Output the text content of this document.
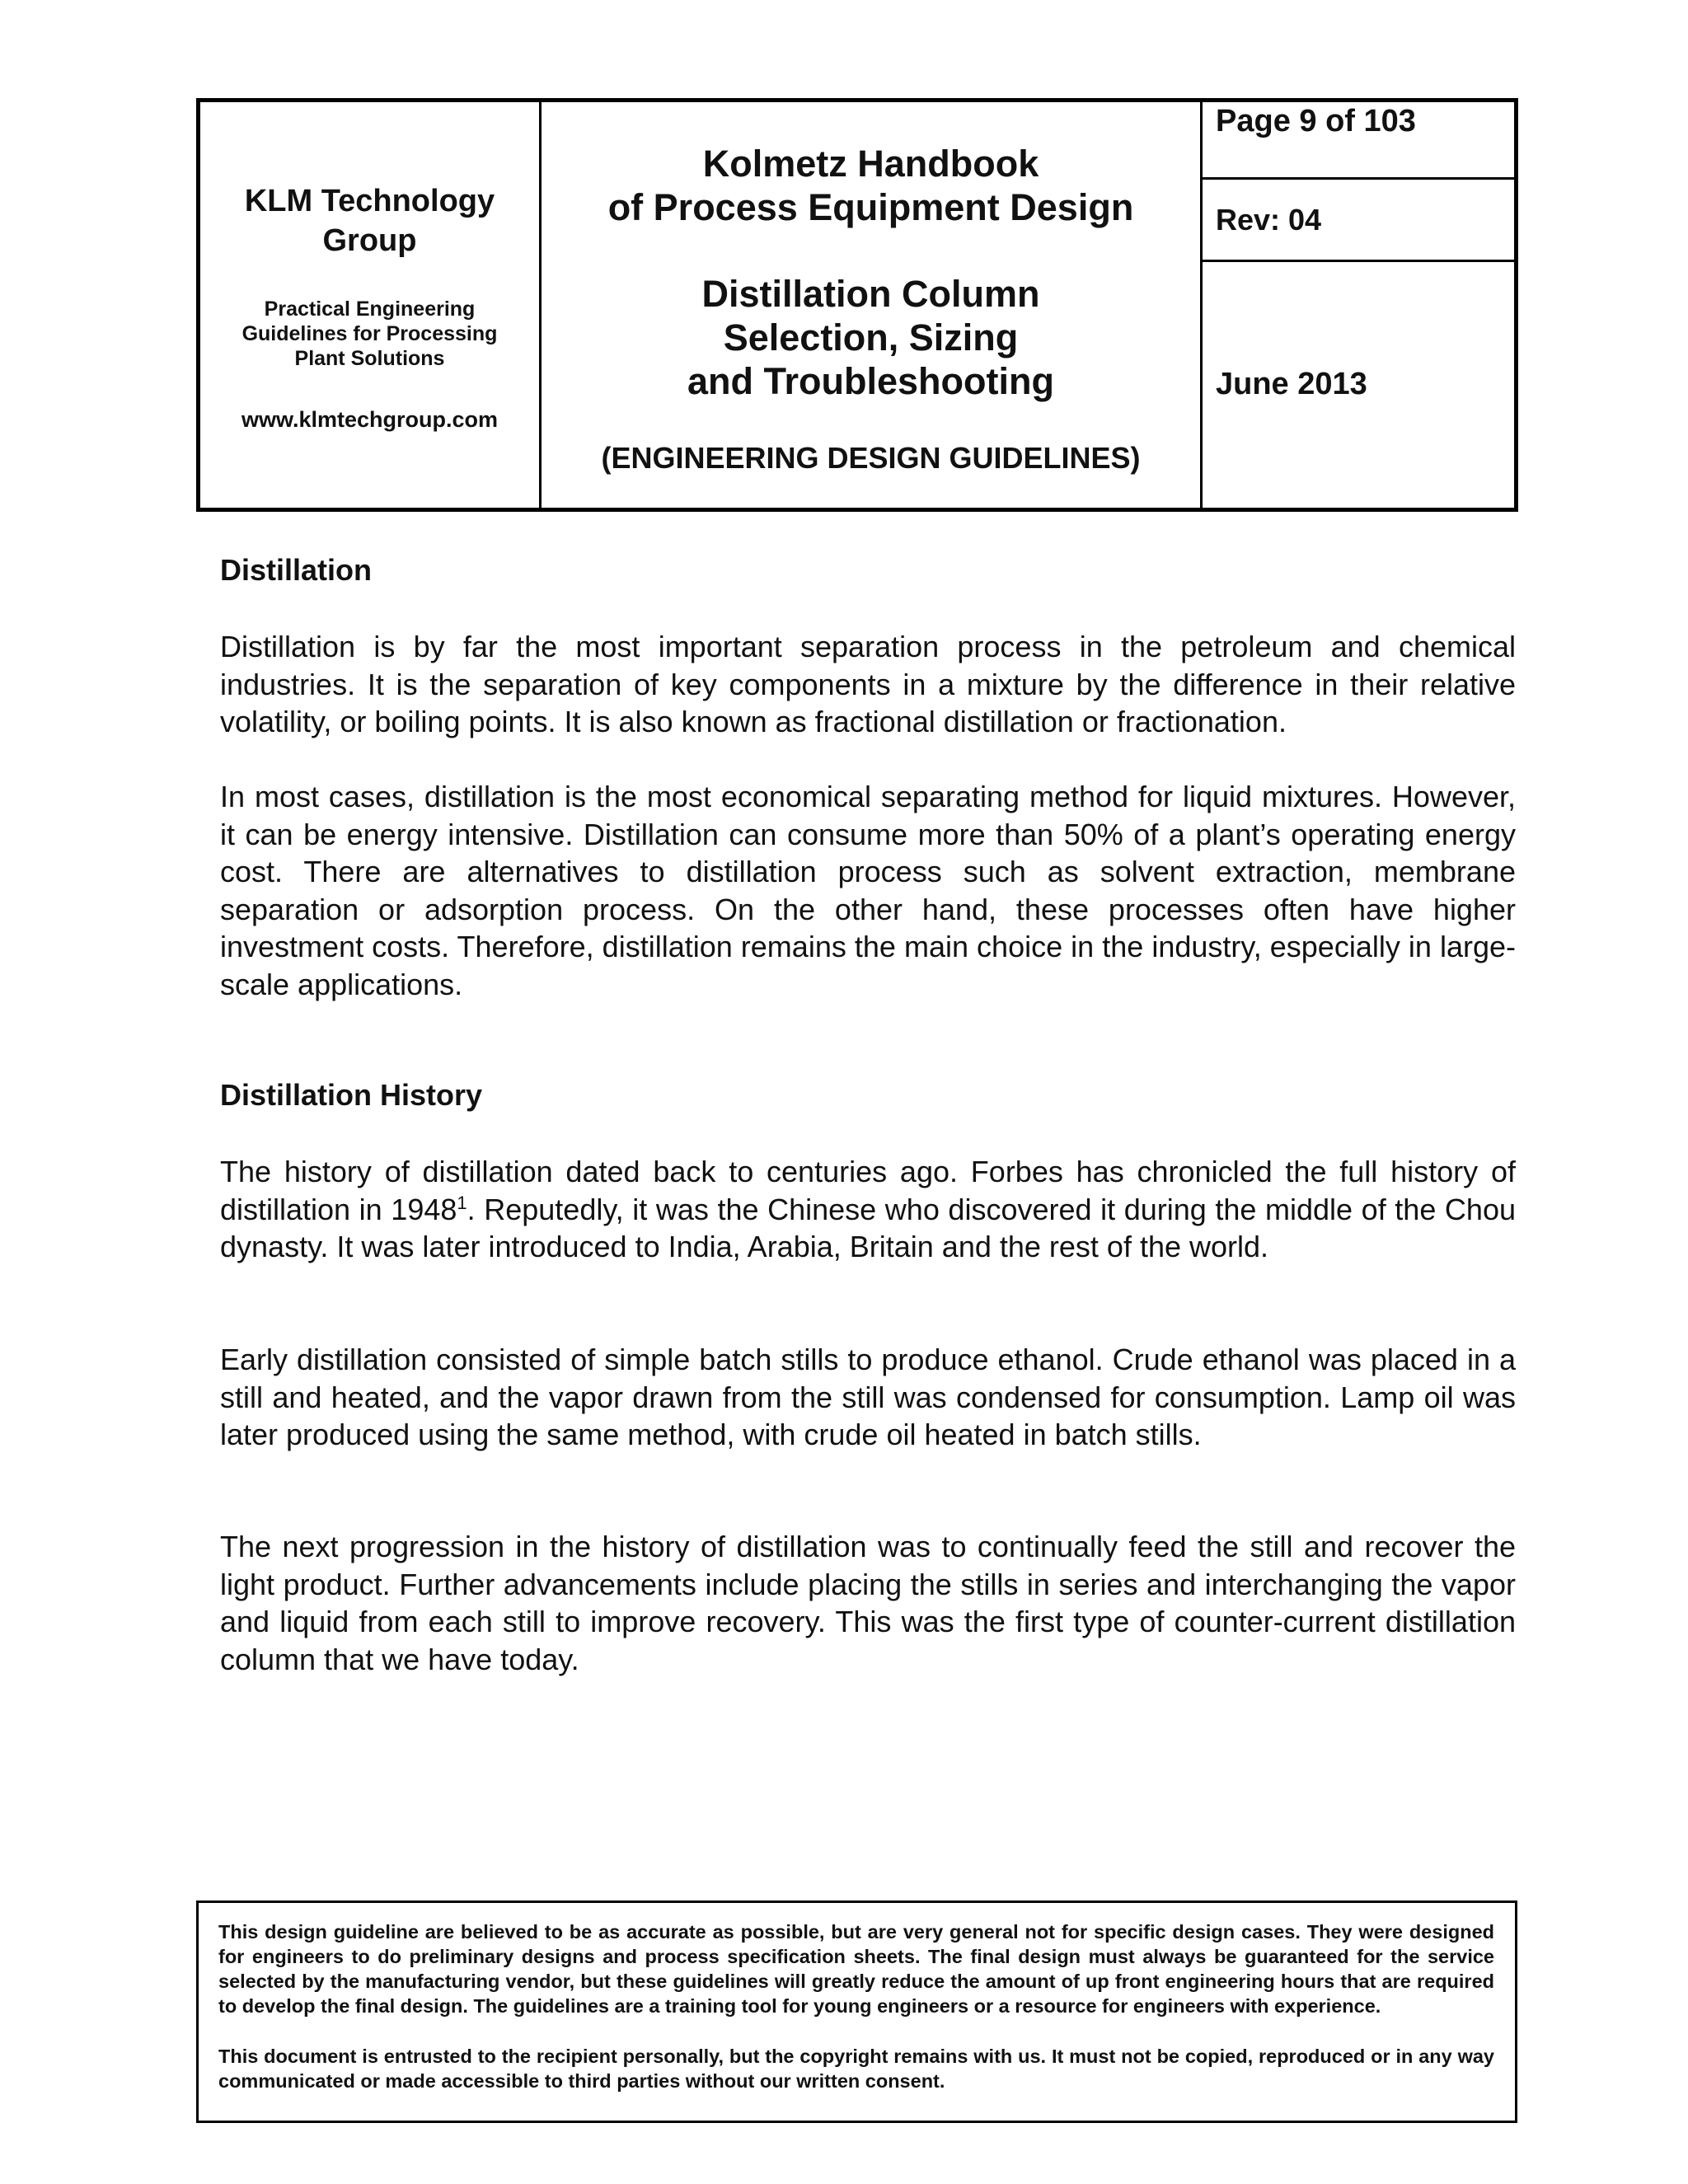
KLM Technology
Group
Practical Engineering
Guidelines for Processing
Plant Solutions
www.klmtechgroup.com
Kolmetz Handbook
of Process Equipment Design
Distillation Column
Selection, Sizing
and Troubleshooting
(ENGINEERING DESIGN GUIDELINES)
Page 9 of 103
Rev: 04
June 2013
Distillation

Distillation is by far the most important separation process in the petroleum and chemical industries. It is the separation of key components in a mixture by the difference in their relative volatility, or boiling points. It is also known as fractional distillation or fractionation.

In most cases, distillation is the most economical separating method for liquid mixtures. However, it can be energy intensive. Distillation can consume more than 50% of a plant’s operating energy cost. There are alternatives to distillation process such as solvent extraction, membrane separation or adsorption process. On the other hand, these processes often have higher investment costs. Therefore, distillation remains the main choice in the industry, especially in large-scale applications.

Distillation History

The history of distillation dated back to centuries ago. Forbes has chronicled the full history of distillation in 1948$^1$. Reputedly, it was the Chinese who discovered it during the middle of the Chou dynasty. It was later introduced to India, Arabia, Britain and the rest of the world.

Early distillation consisted of simple batch stills to produce ethanol. Crude ethanol was placed in a still and heated, and the vapor drawn from the still was condensed for consumption. Lamp oil was later produced using the same method, with crude oil heated in batch stills.

The next progression in the history of distillation was to continually feed the still and recover the light product. Further advancements include placing the stills in series and interchanging the vapor and liquid from each still to improve recovery. This was the first type of counter-current distillation column that we have today.

This design guideline are believed to be as accurate as possible, but are very general not for specific design cases. They were designed for engineers to do preliminary designs and process specification sheets. The final design must always be guaranteed for the service selected by the manufacturing vendor, but these guidelines will greatly reduce the amount of up front engineering hours that are required to develop the final design. The guidelines are a training tool for young engineers or a resource for engineers with experience.

This document is entrusted to the recipient personally, but the copyright remains with us. It must not be copied, reproduced or in any way communicated or made accessible to third parties without our written consent.
